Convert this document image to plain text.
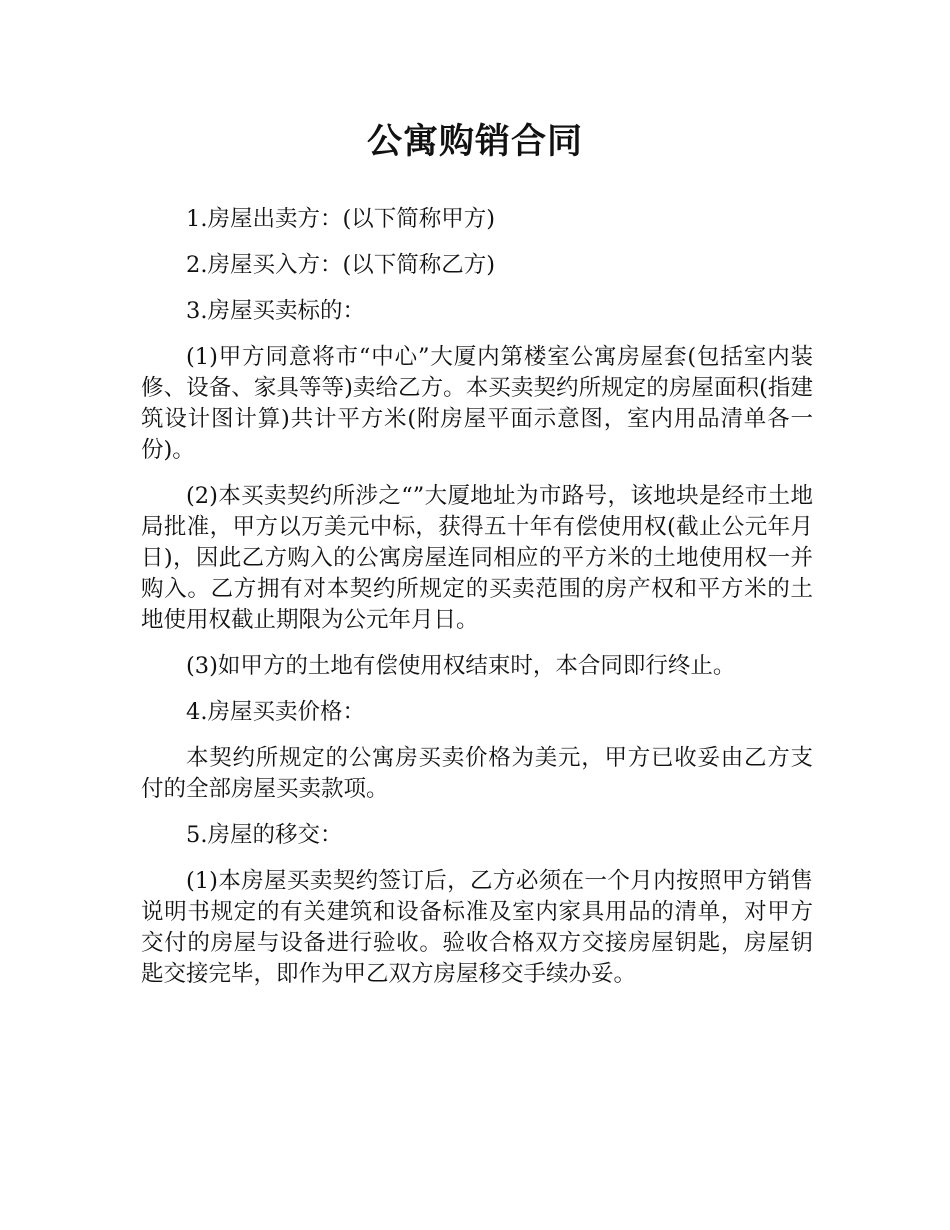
公寓购销合同

1.房屋出卖方：(以下简称甲方)

2.房屋买入方：(以下简称乙方)

3.房屋买卖标的：

(1)甲方同意将市“中心”大厦内第楼室公寓房屋套(包括室内装修、设备、家具等等)卖给乙方。本买卖契约所规定的房屋面积(指建筑设计图计算)共计平方米(附房屋平面示意图，室内用品清单各一份)。

(2)本买卖契约所涉之“”大厦地址为市路号，该地块是经市土地局批准，甲方以万美元中标，获得五十年有偿使用权(截止公元年月日)，因此乙方购入的公寓房屋连同相应的平方米的土地使用权一并购入。乙方拥有对本契约所规定的买卖范围的房产权和平方米的土地使用权截止期限为公元年月日。

(3)如甲方的土地有偿使用权结束时，本合同即行终止。

4.房屋买卖价格：

本契约所规定的公寓房买卖价格为美元，甲方已收妥由乙方支付的全部房屋买卖款项。

5.房屋的移交：

(1)本房屋买卖契约签订后，乙方必须在一个月内按照甲方销售说明书规定的有关建筑和设备标准及室内家具用品的清单，对甲方交付的房屋与设备进行验收。验收合格双方交接房屋钥匙，房屋钥匙交接完毕，即作为甲乙双方房屋移交手续办妥。
